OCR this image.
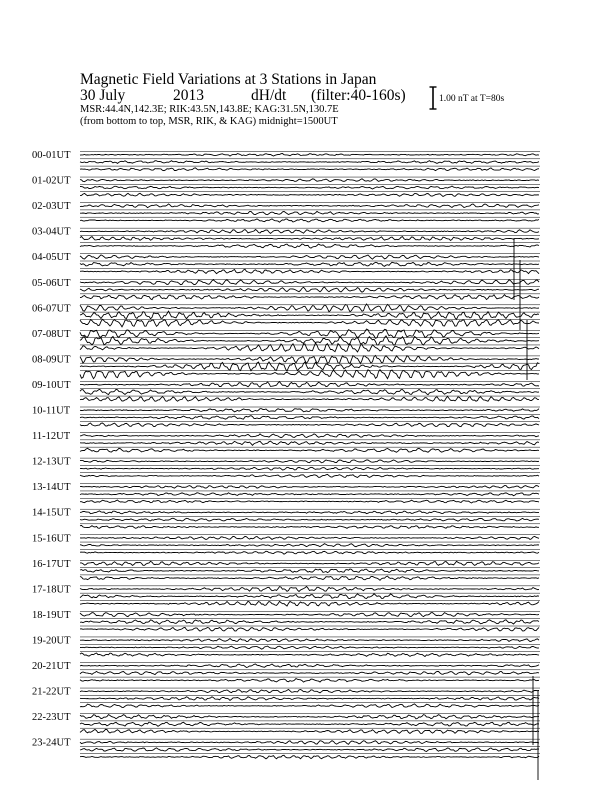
Magnetic Field Variations at 3 Stations in Japan
30 July	2013	dH/dt (filter:40-160s)
MSR:44.4N,142.3E; RIK:43.5N,143.8E; KAG:31.5N,130.7E
(from bottom to top, MSR, RIK, & KAG) midnight=1500UT
1.00 nT at T=80s
00-01UT
01-02UT
02-03UT
03-04UT
04-05UT
05-06UT
06-07UT
07-08UT
08-09UT
09-10UT
10-11UT
11-12UT
12-13UT
13-14UT
14-15UT
15-16UT
16-17UT
17-18UT
18-19UT
19-20UT
20-21UT
21-22UT
22-23UT
23-24UT
